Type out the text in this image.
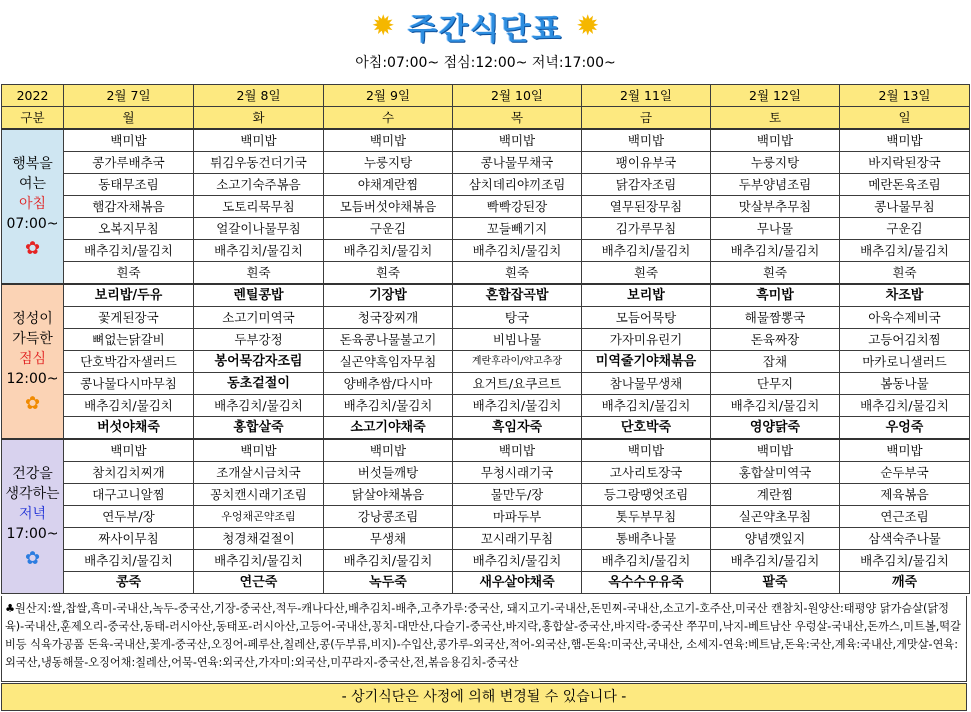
✹ 주간식단표 ✹
아침:07:00~ 점심:12:00~ 저녁:17:00~
2022	2월 7일	2월 8일	2월 9일	2월 10일	2월 11일	2월 12일	2월 13일
구분	월	화	수	목	금	토	일

행복을
여는
아침
07:00~
✿	백미밥	백미밥	백미밥	백미밥	백미밥	백미밥	백미밥
	콩가루배추국	튀김우동건더기국	누룽지탕	콩나물무채국	팽이유부국	누룽지탕	바지락된장국
	동태무조림	소고기숙주볶음	야채계란찜	삼치데리야끼조림	닭감자조림	두부양념조림	메란돈육조림
	햄감자채볶음	도토리묵무침	모듬버섯야채볶음	빡빡강된장	열무된장무침	맛살부추무침	콩나물무침
	오복지무침	얼갈이나물무침	구운김	꼬들빼기지	김가루무침	무나물	구운김
	배추김치/물김치	배추김치/물김치	배추김치/물김치	배추김치/물김치	배추김치/물김치	배추김치/물김치	배추김치/물김치
	흰죽	흰죽	흰죽	흰죽	흰죽	흰죽	흰죽

정성이
가득한
점심
12:00~
✿	보리밥/두유	렌틸콩밥	기장밥	혼합잡곡밥	보리밥	흑미밥	차조밥
	꽃게된장국	소고기미역국	청국장찌개	탕국	모듬어묵탕	해물짬뽕국	아욱수제비국
	뼈없는닭갈비	두부강정	돈육콩나물불고기	비빔나물	가자미유린기	돈육짜장	고등어김치찜
	단호박감자샐러드	봉어묵감자조림	실곤약흑임자무침	계란후라이/약고추장	미역줄기야채볶음	잡채	마카로니샐러드
	콩나물다시마무침	동초겉절이	양배추쌈/다시마	요거트/요쿠르트	참나물무생채	단무지	봄동나물
	배추김치/물김치	배추김치/물김치	배추김치/물김치	배추김치/물김치	배추김치/물김치	배추김치/물김치	배추김치/물김치
	버섯야채죽	홍합살죽	소고기야채죽	흑임자죽	단호박죽	영양닭죽	우엉죽

건강을
생각하는
저녁
17:00~
✿	백미밥	백미밥	백미밥	백미밥	백미밥	백미밥	백미밥
	참치김치찌개	조개살시금치국	버섯들깨탕	무청시래기국	고사리토장국	홍합살미역국	순두부국
	대구고니알찜	꽁치캔시래기조림	닭살야채볶음	물만두/장	등그랑땡엇조림	계란찜	제육볶음
	연두부/장	우엉채곤약조림	강낭콩조림	마파두부	톳두부무침	실곤약초무침	연근조림
	짜사이무침	청경채겉절이	무생채	꼬시래기무침	통배추나물	양념깻잎지	삼색숙주나물
	배추김치/물김치	배추김치/물김치	배추김치/물김치	배추김치/물김치	배추김치/물김치	배추김치/물김치	배추김치/물김치
	콩죽	연근죽	녹두죽	새우살야채죽	옥수수우유죽	팥죽	깨죽
♣원산지:쌀,찹쌀,흑미-국내산,녹두-중국산,기장-중국산,적두-캐나다산,배추김치-배추,고추가루:중국산, 돼지고기-국내산,돈민찌-국내산,소고기-호주산,미국산 캔참치-원양산:태평양 닭가슴살(닭정육)-국내산,훈제오리-중국산,동태-러시아산,동태포-러시아산,고등어-국내산,꽁치-대만산,다슬기-중국산,바지락,홍합살-중국산,바지락-중국산 쭈꾸미,낙지-베트남산 우렁살-국내산,돈까스,미트볼,떡갈비등 식육가공품 돈육-국내산,꽃게-중국산,오징어-페루산,칠레산,콩(두부류,비지)-수입산,콩가루-외국산,적어-외국산,햄-돈육:미국산,국내산, 소세지-연육:베트남,돈육:국산,계육:국내산,게맛살-연육:외국산,냉동해물-오징어채:칠레산,어묵-연육:외국산,가자미:외국산,미꾸라지-중국산,전,볶음용김치-중국산
- 상기식단은 사정에 의해 변경될 수 있습니다 -
